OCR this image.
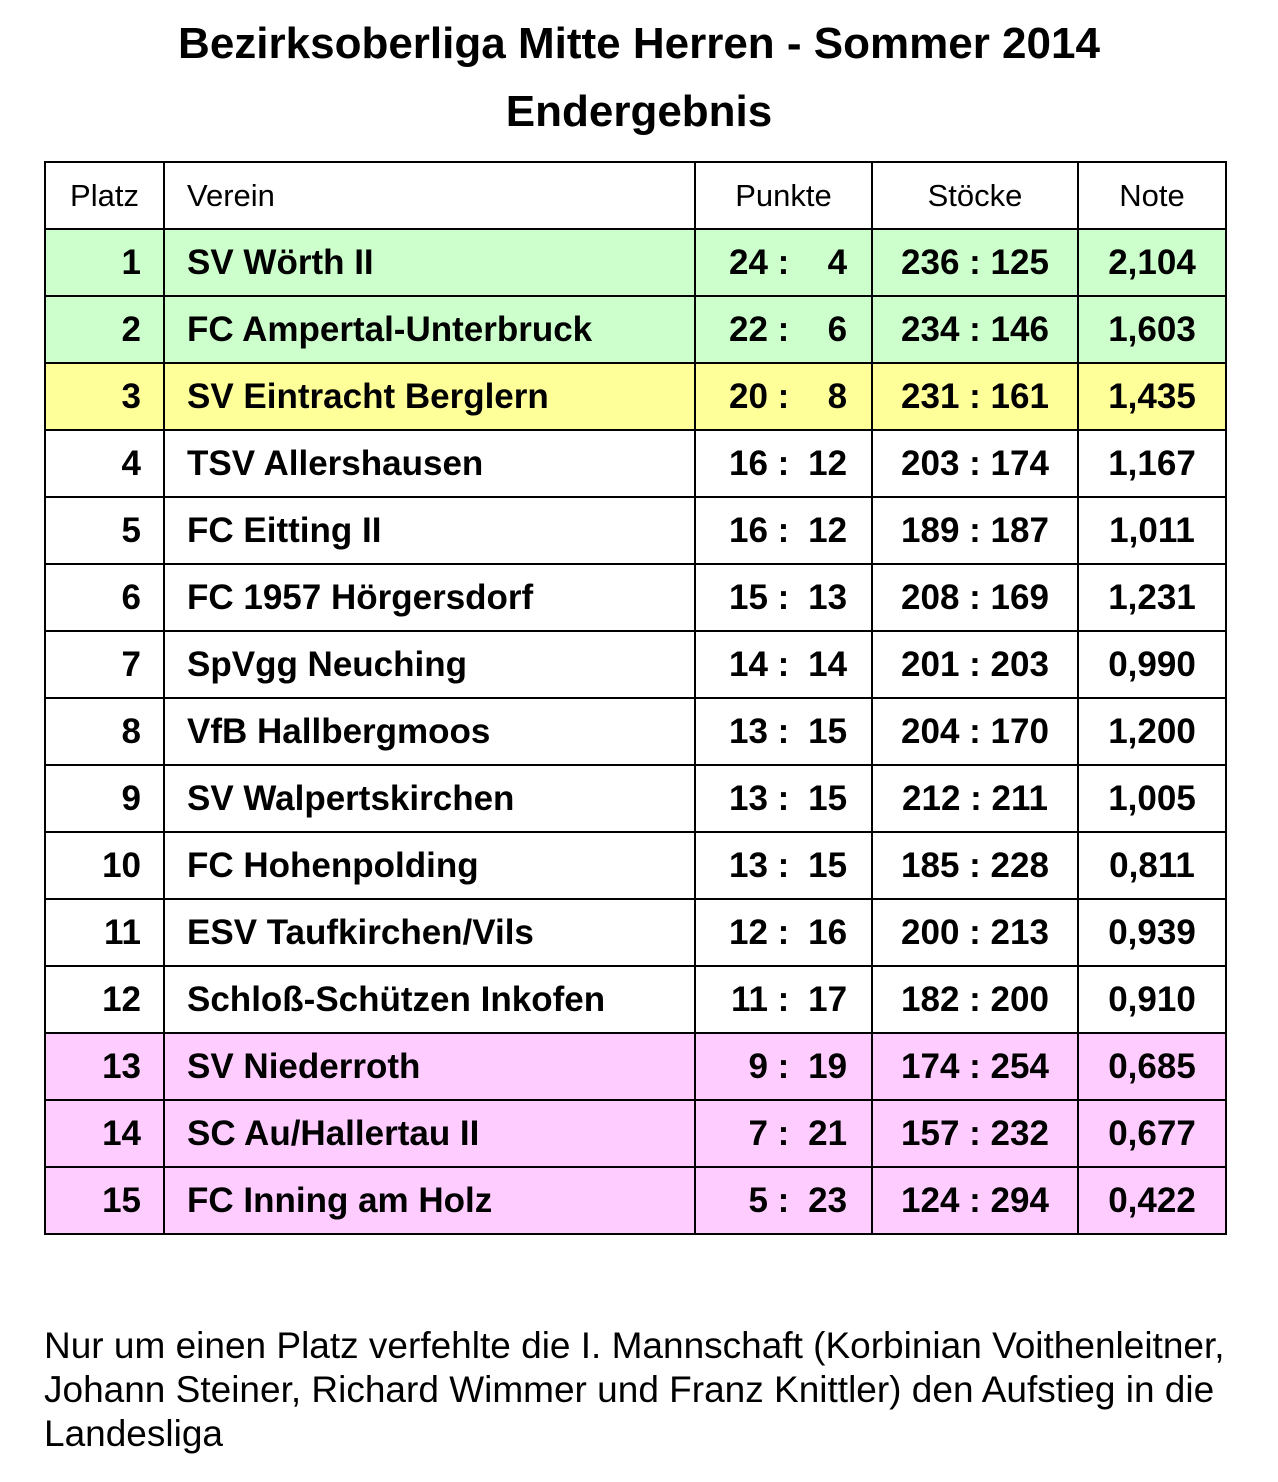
Bezirksoberliga Mitte Herren - Sommer 2014
Endergebnis
Platz	Verein	Punkte	Stöcke	Note
1	SV Wörth II	24 : 4	236 : 125	2,104
2	FC Ampertal-Unterbruck	22 : 6	234 : 146	1,603
3	SV Eintracht Berglern	20 : 8	231 : 161	1,435
4	TSV Allershausen	16 : 12	203 : 174	1,167
5	FC Eitting II	16 : 12	189 : 187	1,011
6	FC 1957 Hörgersdorf	15 : 13	208 : 169	1,231
7	SpVgg Neuching	14 : 14	201 : 203	0,990
8	VfB Hallbergmoos	13 : 15	204 : 170	1,200
9	SV Walpertskirchen	13 : 15	212 : 211	1,005
10	FC Hohenpolding	13 : 15	185 : 228	0,811
11	ESV Taufkirchen/Vils	12 : 16	200 : 213	0,939
12	Schloß-Schützen Inkofen	11 : 17	182 : 200	0,910
13	SV Niederroth	9 : 19	174 : 254	0,685
14	SC Au/Hallertau II	7 : 21	157 : 232	0,677
15	FC Inning am Holz	5 : 23	124 : 294	0,422
Nur um einen Platz verfehlte die I. Mannschaft (Korbinian Voithenleitner, Johann Steiner, Richard Wimmer und Franz Knittler) den Aufstieg in die Landesliga
